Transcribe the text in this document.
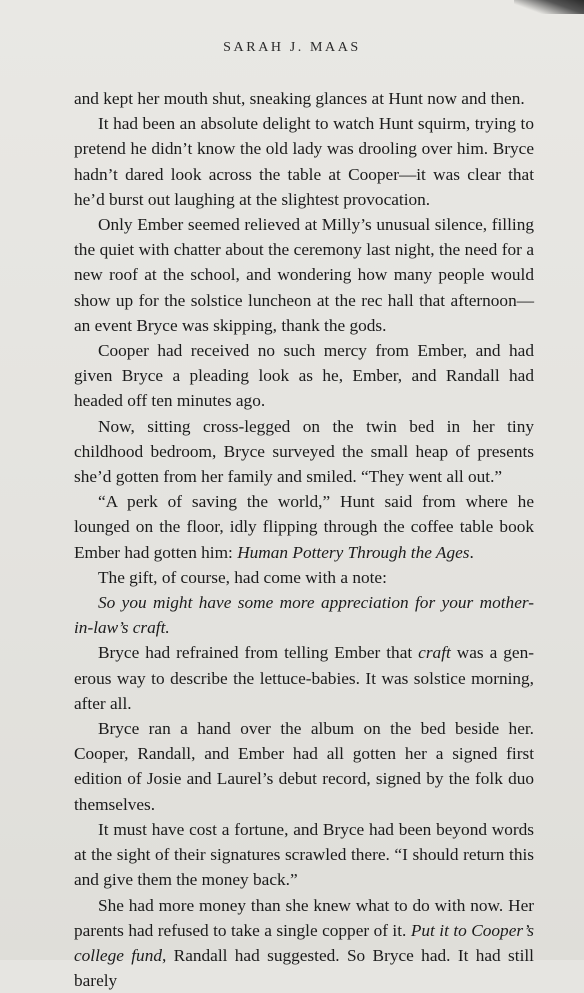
SARAH J. MAAS

and kept her mouth shut, sneaking glances at Hunt now and then.

It had been an absolute delight to watch Hunt squirm, trying to pretend he didn’t know the old lady was drooling over him. Bryce hadn’t dared look across the table at Cooper—it was clear that he’d burst out laughing at the slightest provocation.

Only Ember seemed relieved at Milly’s unusual silence, filling the quiet with chatter about the ceremony last night, the need for a new roof at the school, and wondering how many people would show up for the solstice luncheon at the rec hall that afternoon—an event Bryce was skipping, thank the gods.

Cooper had received no such mercy from Ember, and had given Bryce a pleading look as he, Ember, and Randall had headed off ten minutes ago.

Now, sitting cross-legged on the twin bed in her tiny childhood bedroom, Bryce surveyed the small heap of presents she’d gotten from her family and smiled. “They went all out.”

“A perk of saving the world,” Hunt said from where he lounged on the floor, idly flipping through the coffee table book Ember had gotten him: Human Pottery Through the Ages.

The gift, of course, had come with a note:

So you might have some more appreciation for your mother-in-law’s craft.

Bryce had refrained from telling Ember that craft was a generous way to describe the lettuce-babies. It was solstice morning, after all.

Bryce ran a hand over the album on the bed beside her. Cooper, Randall, and Ember had all gotten her a signed first edition of Josie and Laurel’s debut record, signed by the folk duo themselves.

It must have cost a fortune, and Bryce had been beyond words at the sight of their signatures scrawled there. “I should return this and give them the money back.”

She had more money than she knew what to do with now. Her parents had refused to take a single copper of it. Put it to Cooper’s college fund, Randall had suggested. So Bryce had. It had still barely
